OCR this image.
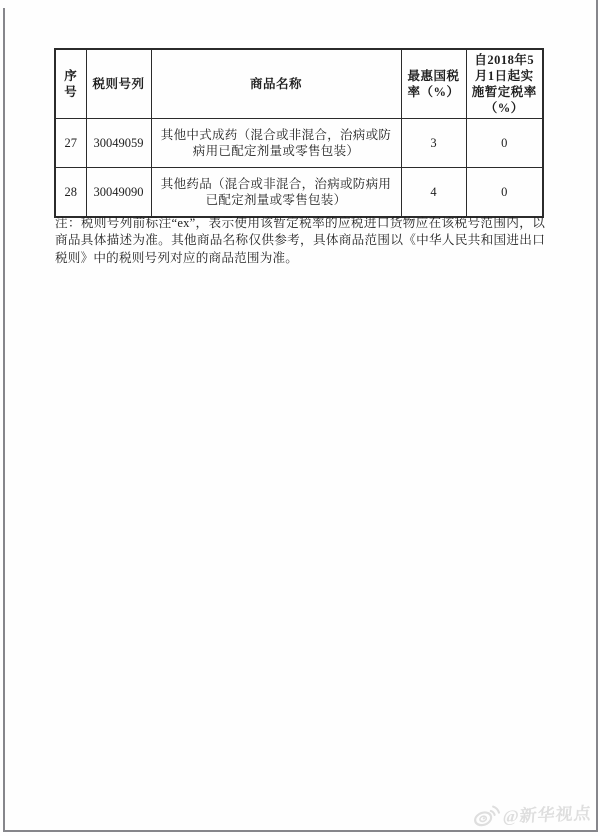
序号	税则号列	商品名称	最惠国税率（%）	自2018年5月1日起实施暂定税率（%）
27	30049059	其他中式成药（混合或非混合，治病或防病用已配定剂量或零售包装）	3	0
28	30049090	其他药品（混合或非混合，治病或防病用已配定剂量或零售包装）	4	0

注：税则号列前标注“ex”，表示使用该暂定税率的应税进口货物应在该税号范围内，以商品具体描述为准。其他商品名称仅供参考，具体商品范围以《中华人民共和国进出口税则》中的税则号列对应的商品范围为准。

@新华视点
